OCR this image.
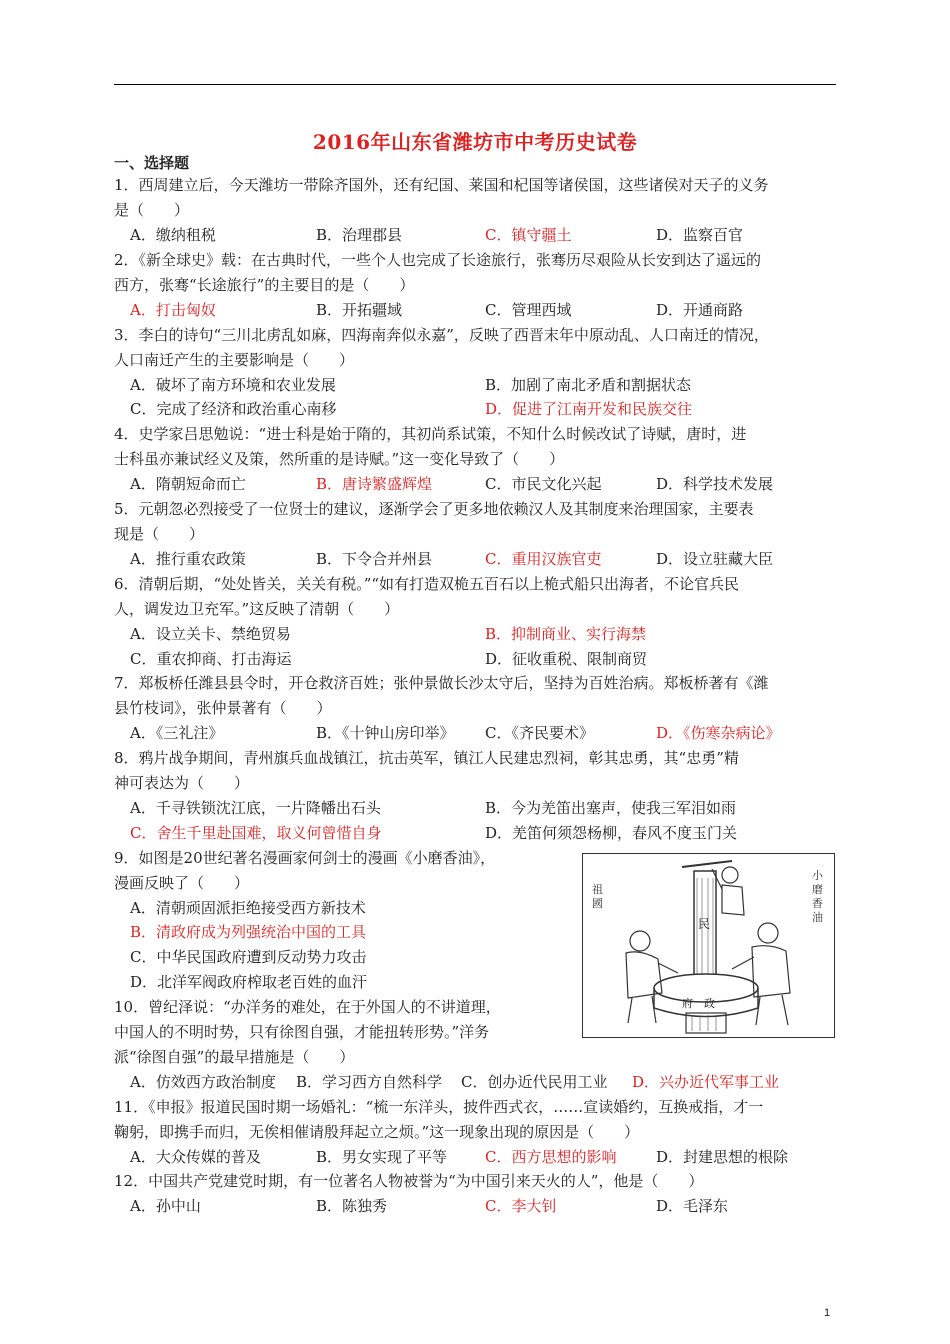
2016年山东省潍坊市中考历史试卷
一、选择题
1．西周建立后，今天潍坊一带除齐国外，还有纪国、莱国和杞国等诸侯国，这些诸侯对天子的义务
是（　　）
A．缴纳租税	B．治理郡县	C．镇守疆土	D．监察百官
2．《新全球史》载：在古典时代，一些个人也完成了长途旅行，张骞历尽艰险从长安到达了遥远的
西方，张骞“长途旅行”的主要目的是（　　）
A．打击匈奴	B．开拓疆域	C．管理西域	D．开通商路
3．李白的诗句“三川北虏乱如麻，四海南奔似永嘉”，反映了西晋末年中原动乱、人口南迁的情况，
人口南迁产生的主要影响是（　　）
A．破坏了南方环境和农业发展	B．加剧了南北矛盾和割据状态
C．完成了经济和政治重心南移	D．促进了江南开发和民族交往
4．史学家吕思勉说：“进士科是始于隋的，其初尚系试策，不知什么时候改试了诗赋，唐时，进
士科虽亦兼试经义及策，然所重的是诗赋。”这一变化导致了（　　）
A．隋朝短命而亡	B．唐诗繁盛辉煌	C．市民文化兴起	D．科学技术发展
5．元朝忽必烈接受了一位贤士的建议，逐渐学会了更多地依赖汉人及其制度来治理国家，主要表
现是（　　）
A．推行重农政策	B．下令合并州县	C．重用汉族官吏	D．设立驻藏大臣
6．清朝后期，“处处皆关，关关有税。”“如有打造双桅五百石以上桅式船只出海者，不论官兵民
人，调发边卫充军。”这反映了清朝（　　）
A．设立关卡、禁绝贸易	B．抑制商业、实行海禁
C．重农抑商、打击海运	D．征收重税、限制商贸
7．郑板桥任潍县县令时，开仓救济百姓；张仲景做长沙太守后，坚持为百姓治病。郑板桥著有《潍
县竹枝词》，张仲景著有（　　）
A．《三礼注》	B．《十钟山房印举》 C．《齐民要术》	D．《伤寒杂病论》
8．鸦片战争期间，青州旗兵血战镇江，抗击英军，镇江人民建忠烈祠，彰其忠勇，其“忠勇”精
神可表达为（　　）
A．千寻铁锁沈江底，一片降幡出石头	B．今为羌笛出塞声，使我三军泪如雨
C．舍生千里赴国难，取义何曾惜自身	D．羌笛何须怨杨柳，春风不度玉门关
9．如图是20世纪著名漫画家何剑士的漫画《小磨香油》，
漫画反映了（　　）
A．清朝顽固派拒绝接受西方新技术
B．清政府成为列强统治中国的工具
C．中华民国政府遭到反动势力攻击
D．北洋军阀政府榨取老百姓的血汗
10．曾纪泽说：“办洋务的难处，在于外国人的不讲道理，
中国人的不明时势，只有徐图自强，才能扭转形势。”洋务
派“徐图自强”的最早措施是（　　）
A．仿效西方政治制度 B．学习西方自然科学 C．创办近代民用工业 D．兴办近代军事工业
11．《申报》报道民国时期一场婚礼：“梳一东洋头，披件西式衣，……宣读婚约，互换戒指，才一
鞠躬，即携手而归，无俟相催请殷拜起立之烦。”这一现象出现的原因是（　　）
A．大众传媒的普及	B．男女实现了平等	C．西方思想的影响	D．封建思想的根除
12．中国共产党建党时期，有一位著名人物被誉为“为中国引来天火的人”，他是（　　）
A．孙中山	B．陈独秀	C．李大钊	D．毛泽东
小
磨
香
油
祖
國
民
府　政
1
